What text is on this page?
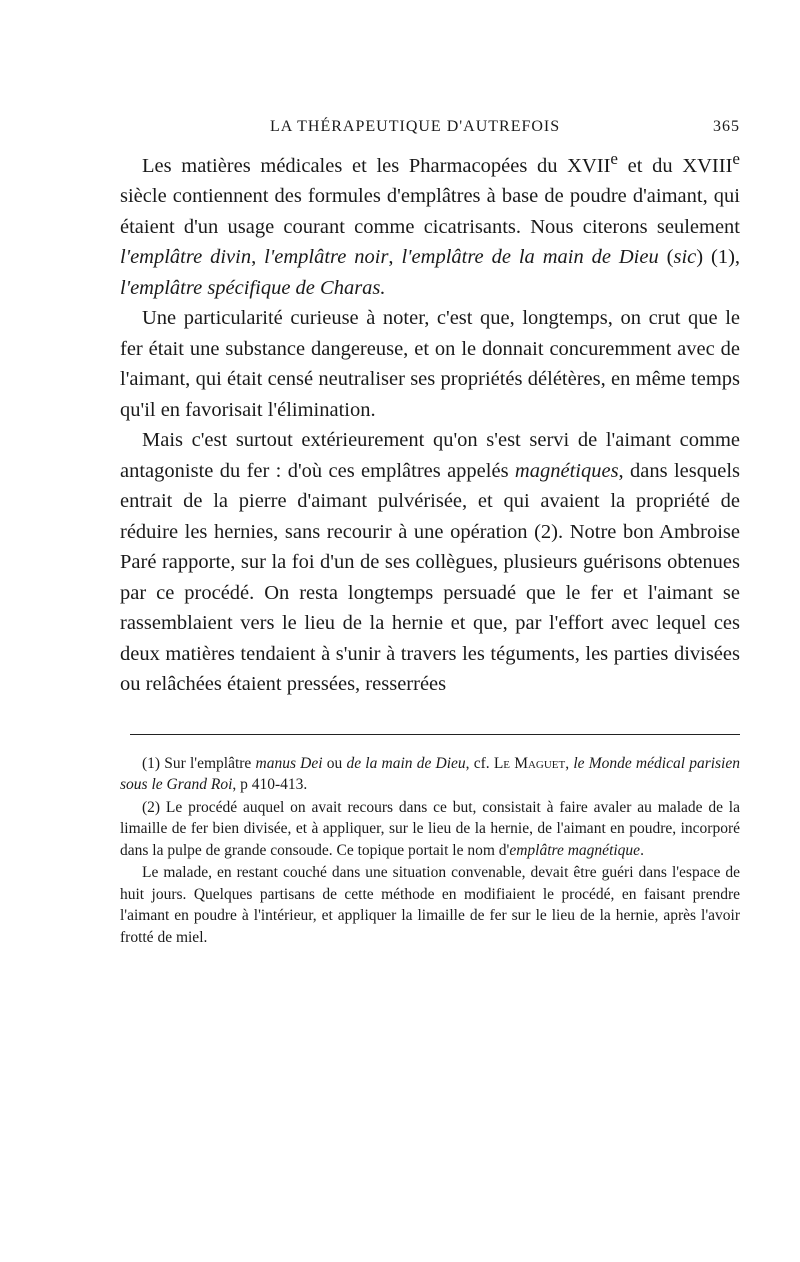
LA THÉRAPEUTIQUE D'AUTREFOIS	365

Les matières médicales et les Pharmacopées du XVIIe et du XVIIIe siècle contiennent des formules d'emplâtres à base de poudre d'aimant, qui étaient d'un usage courant comme cicatrisants. Nous citerons seulement l'emplâtre divin, l'emplâtre noir, l'emplâtre de la main de Dieu (sic) (1), l'emplâtre spécifique de Charas.

Une particularité curieuse à noter, c'est que, longtemps, on crut que le fer était une substance dangereuse, et on le donnait concuremment avec de l'aimant, qui était censé neutraliser ses propriétés délétères, en même temps qu'il en favorisait l'élimination.

Mais c'est surtout extérieurement qu'on s'est servi de l'aimant comme antagoniste du fer : d'où ces emplâtres appelés magnétiques, dans lesquels entrait de la pierre d'aimant pulvérisée, et qui avaient la propriété de réduire les hernies, sans recourir à une opération (2). Notre bon Ambroise Paré rapporte, sur la foi d'un de ses collègues, plusieurs guérisons obtenues par ce procédé. On resta longtemps persuadé que le fer et l'aimant se rassemblaient vers le lieu de la hernie et que, par l'effort avec lequel ces deux matières tendaient à s'unir à travers les téguments, les parties divisées ou relâchées étaient pressées, resserrées

(1) Sur l'emplâtre manus Dei ou de la main de Dieu, cf. Le Maguet, le Monde médical parisien sous le Grand Roi, p 410-413.

(2) Le procédé auquel on avait recours dans ce but, consistait à faire avaler au malade de la limaille de fer bien divisée, et à appliquer, sur le lieu de la hernie, de l'aimant en poudre, incorporé dans la pulpe de grande consoude. Ce topique portait le nom d'emplâtre magnétique.

Le malade, en restant couché dans une situation convenable, devait être guéri dans l'espace de huit jours. Quelques partisans de cette méthode en modifiaient le procédé, en faisant prendre l'aimant en poudre à l'intérieur, et appliquer la limaille de fer sur le lieu de la hernie, après l'avoir frotté de miel.
